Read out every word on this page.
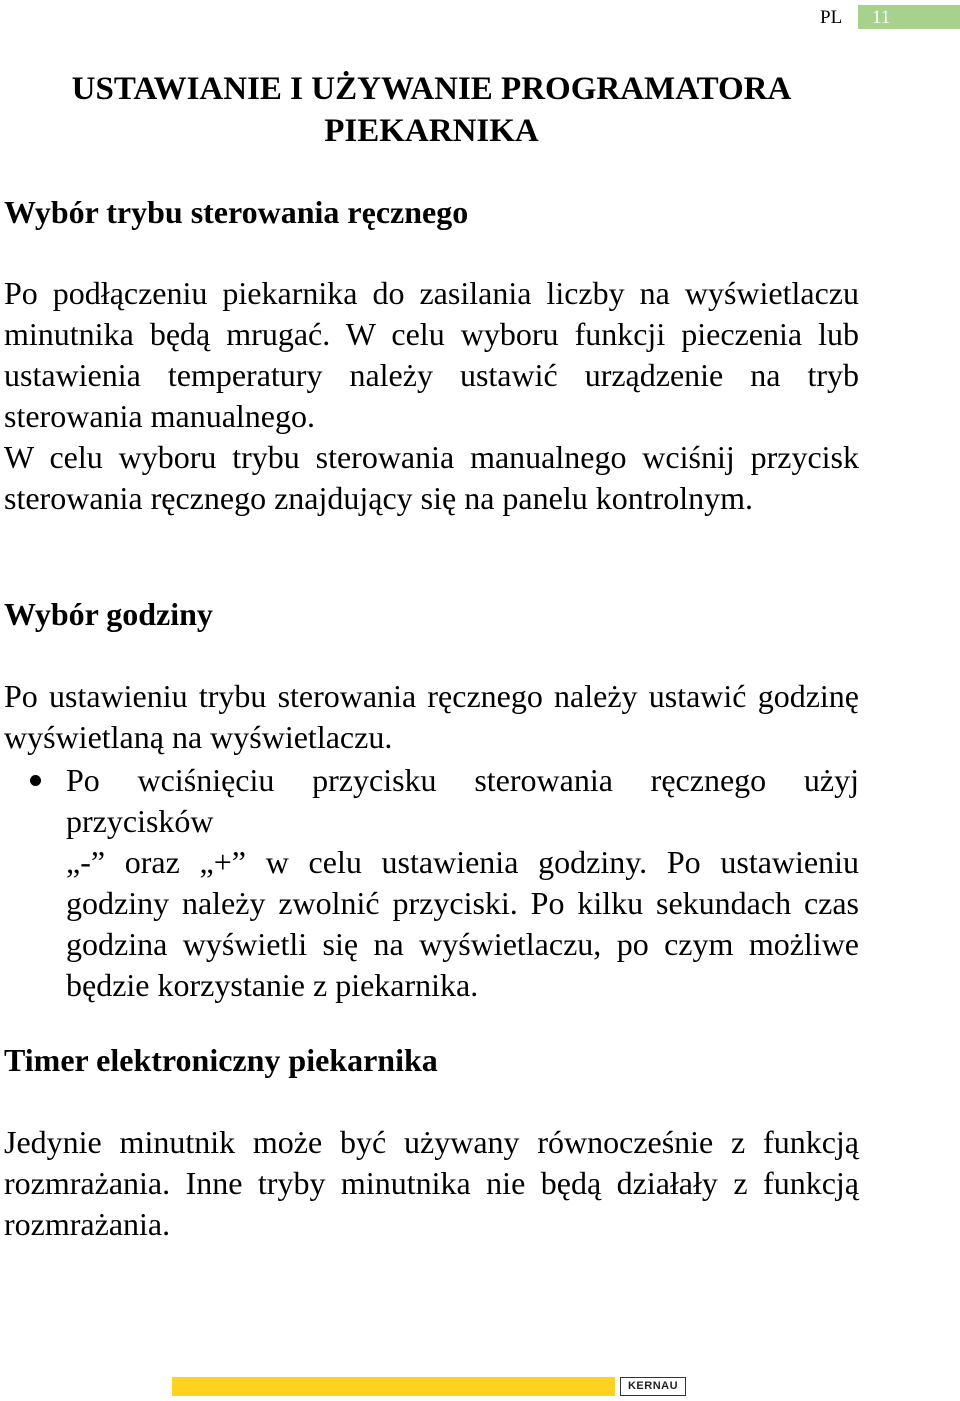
PL 11
USTAWIANIE I UŻYWANIE PROGRAMATORA PIEKARNIKA
Wybór trybu sterowania ręcznego

Po podłączeniu piekarnika do zasilania liczby na wyświetlaczu minutnika będą mrugać. W celu wyboru funkcji pieczenia lub ustawienia temperatury należy ustawić urządzenie na tryb sterowania manualnego.

W celu wyboru trybu sterowania manualnego wciśnij przycisk sterowania ręcznego znajdujący się na panelu kontrolnym.

Wybór godziny

Po ustawieniu trybu sterowania ręcznego należy ustawić godzinę wyświetlaną na wyświetlaczu.

Po wciśnięciu przycisku sterowania ręcznego użyj przycisków

„-” oraz „+” w celu ustawienia godziny. Po ustawieniu godziny należy zwolnić przyciski. Po kilku sekundach czas godzina wyświetli się na wyświetlaczu, po czym możliwe będzie korzystanie z piekarnika.

Timer elektroniczny piekarnika

Jedynie minutnik może być używany równocześnie z funkcją rozmrażania. Inne tryby minutnika nie będą działały z funkcją rozmrażania.

KERNAU
